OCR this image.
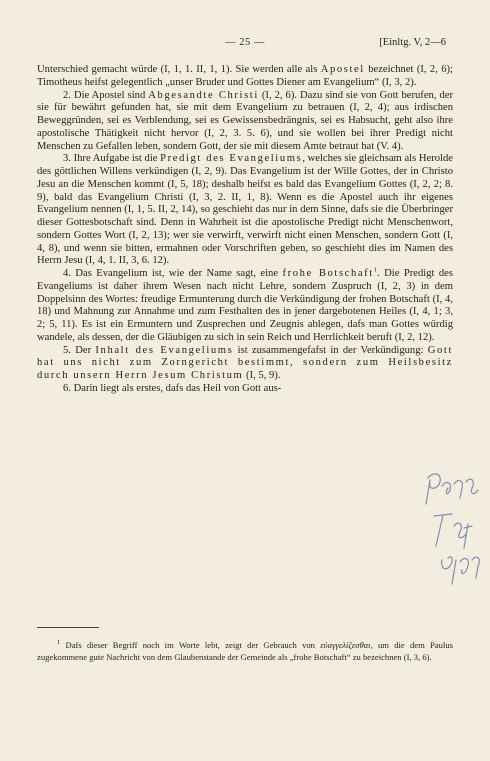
— 25 —	[Einltg. V, 2—6

Unterschied gemacht würde (I, 1, 1. II, 1, 1). Sie werden alle als Apostel bezeichnet (I, 2, 6); Timotheus heifst gelegentlich „unser Bruder und Gottes Diener am Evangelium“ (I, 3, 2).

2. Die Apostel sind Abgesandte Christi (I, 2, 6). Dazu sind sie von Gott berufen, der sie für bewährt gefunden hat, sie mit dem Evangelium zu betrauen (I, 2, 4); aus irdischen Beweggründen, sei es Verblendung, sei es Gewissensbedrängnis, sei es Habsucht, geht also ihre apostolische Thätigkeit nicht hervor (I, 2, 3. 5. 6), und sie wollen bei ihrer Predigt nicht Menschen zu Gefallen leben, sondern Gott, der sie mit diesem Amte betraut hat (V. 4).

3. Ihre Aufgabe ist die Predigt des Evangeliums, welches sie gleichsam als Herolde des göttlichen Willens verkündigen (I, 2, 9). Das Evangelium ist der Wille Gottes, der in Christo Jesu an die Menschen kommt (I, 5, 18); deshalb heifst es bald das Evangelium Gottes (I, 2, 2; 8. 9), bald das Evangelium Christi (I, 3, 2. II, 1, 8). Wenn es die Apostel auch ihr eigenes Evangelium nennen (I, 1, 5. II, 2, 14), so geschieht das nur in dem Sinne, dafs sie die Überbringer dieser Gottesbotschaft sind. Denn in Wahrheit ist die apostolische Predigt nicht Menschenwort, sondern Gottes Wort (I, 2, 13); wer sie verwirft, verwirft nicht einen Menschen, sondern Gott (I, 4, 8), und wenn sie bitten, ermahnen oder Vorschriften geben, so geschieht dies im Namen des Herrn Jesu (I, 4, 1. II, 3, 6. 12).

4. Das Evangelium ist, wie der Name sagt, eine frohe Botschaft$^1$. Die Predigt des Evangeliums ist daher ihrem Wesen nach nicht Lehre, sondern Zuspruch (I, 2, 3) in dem Doppelsinn des Wortes: freudige Ermunterung durch die Verkündigung der frohen Botschaft (I, 4, 18) und Mahnung zur Annahme und zum Festhalten des in jener dargebotenen Heiles (I, 4, 1; 3, 2; 5, 11). Es ist ein Ermuntern und Zusprechen und Zeugnis ablegen, dafs man Gottes würdig wandele, als dessen, der die Gläubigen zu sich in sein Reich und Herrlichkeit beruft (I, 2, 12).

5. Der Inhalt des Evangeliums ist zusammengefafst in der Verkündigung: Gott hat uns nicht zum Zorngericht bestimmt, sondern zum Heilsbesitz durch unsern Herrn Jesum Christum (I, 5, 9).

6. Darin liegt als erstes, dafs das Heil von Gott aus-

$^1$ Dafs dieser Begriff noch im Worte lebt, zeigt der Gebrauch von εὐαγγελίζεσθαι, um die dem Paulus zugekommene gute Nachricht von dem Glaubenstande der Gemeinde als „frohe Botschaft“ zu bezeichnen (I, 3, 6).
